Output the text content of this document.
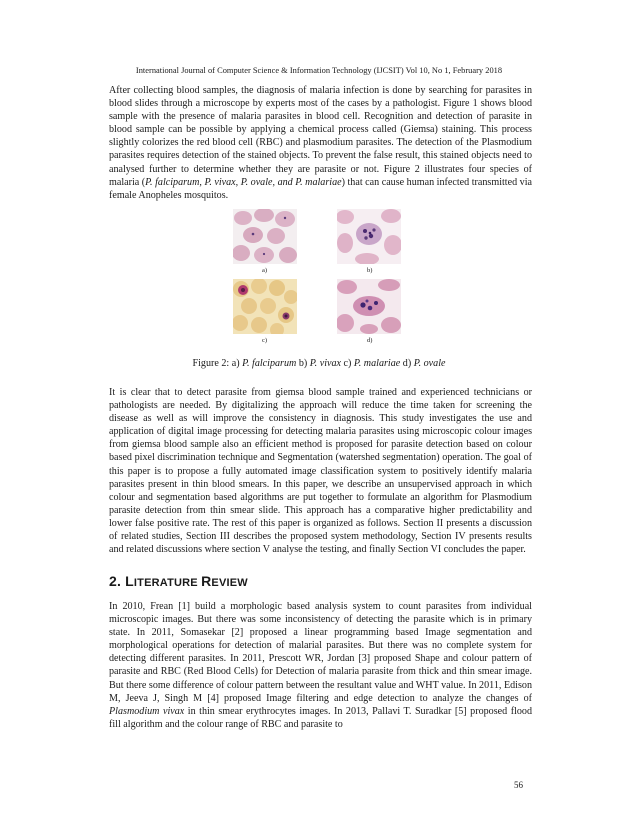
International Journal of Computer Science & Information Technology (IJCSIT) Vol 10, No 1, February 2018

After collecting blood samples, the diagnosis of malaria infection is done by searching for parasites in blood slides through a microscope by experts most of the cases by a pathologist. Figure 1 shows blood sample with the presence of malaria parasites in blood cell. Recognition and detection of parasite in blood sample can be possible by applying a chemical process called (Giemsa) staining. This process slightly colorizes the red blood cell (RBC) and plasmodium parasites. The detection of the Plasmodium parasites requires detection of the stained objects. To prevent the false result, this stained objects need to analysed further to determine whether they are parasite or not. Figure 2 illustrates four species of malaria (P. falciparum, P. vivax, P. ovale, and P. malariae) that can cause human infected transmitted via female Anopheles mosquitos.

a)	b)
c)	d)
Figure 2: a) P. falciparum b) P. vivax c) P. malariae d) P. ovale

It is clear that to detect parasite from giemsa blood sample trained and experienced technicians or pathologists are needed. By digitalizing the approach will reduce the time taken for screening the disease as well as will improve the consistency in diagnosis. This study investigates the use and application of digital image processing for detecting malaria parasites using microscopic colour images from giemsa blood sample also an efficient method is proposed for parasite detection based on colour based pixel discrimination technique and Segmentation (watershed segmentation) operation. The goal of this paper is to propose a fully automated image classification system to positively identify malaria parasites present in thin blood smears. In this paper, we describe an unsupervised approach in which colour and segmentation based algorithms are put together to formulate an algorithm for Plasmodium parasite detection from thin smear slide. This approach has a comparative higher predictability and lower false positive rate. The rest of this paper is organized as follows. Section II presents a discussion of related studies, Section III describes the proposed system methodology, Section IV presents results and related discussions where section V analyse the testing, and finally Section VI concludes the paper.

2. LITERATURE REVIEW

In 2010, Frean [1] build a morphologic based analysis system to count parasites from individual microscopic images. But there was some inconsistency of detecting the parasite which is in primary state. In 2011, Somasekar [2] proposed a linear programming based Image segmentation and morphological operations for detection of malarial parasites. But there was no complete system for detecting different parasites. In 2011, Prescott WR, Jordan [3] proposed Shape and colour pattern of parasite and RBC (Red Blood Cells) for Detection of malaria parasite from thick and thin smear image. But there some difference of colour pattern between the resultant value and WHT value. In 2011, Edison M, Jeeva J, Singh M [4] proposed Image filtering and edge detection to analyze the changes of Plasmodium vivax in thin smear erythrocytes images. In 2013, Pallavi T. Suradkar [5] proposed flood fill algorithm and the colour range of RBC and parasite to

56
